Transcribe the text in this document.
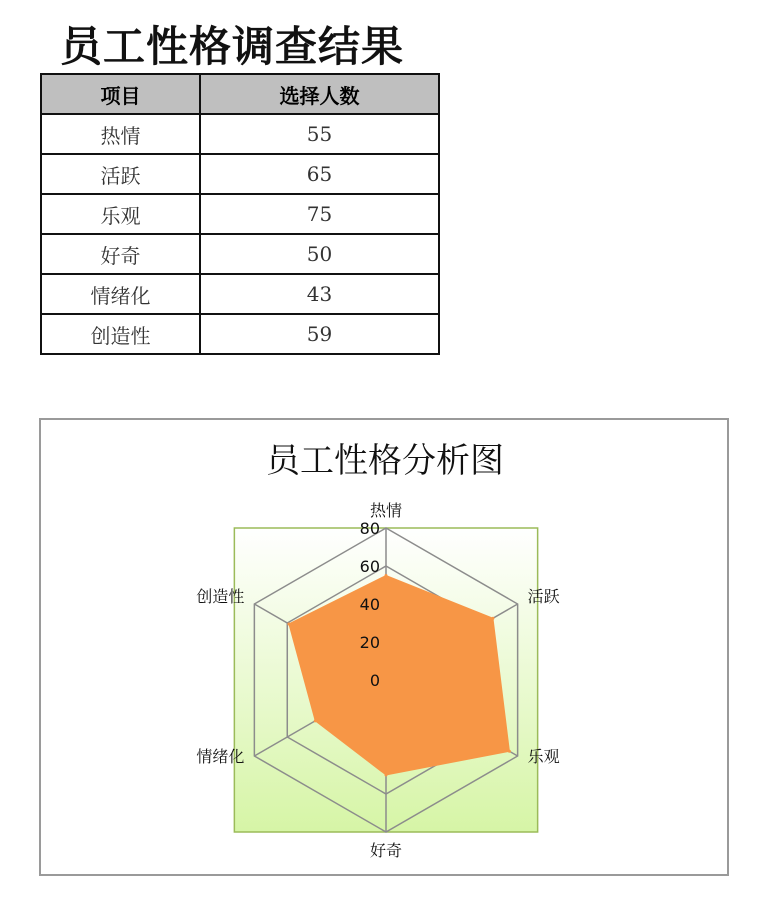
员工性格调查结果
项目	选择人数
热情	55
活跃	65
乐观	75
好奇	50
情绪化	43
创造性	59
员工性格分析图
0
20
40
60
80
热情
活跃
乐观
好奇
情绪化
创造性
